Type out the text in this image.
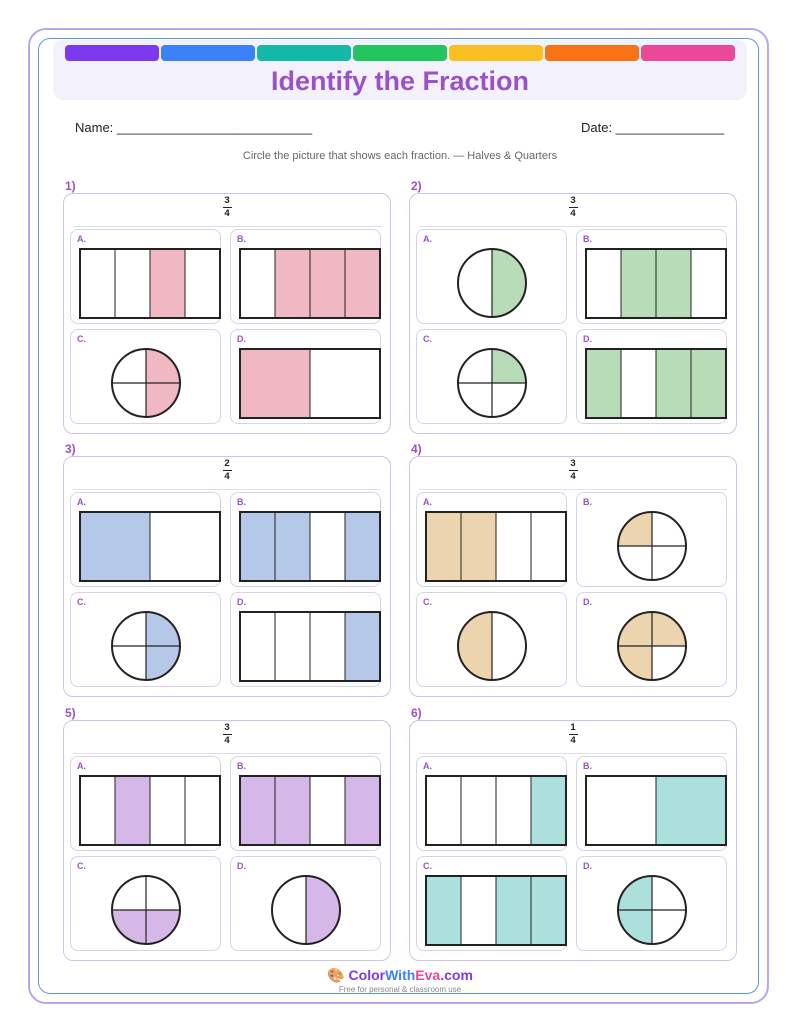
Identify the Fraction
Name: ___________________________	Date: _______________
Circle the picture that shows each fraction. — Halves & Quarters
1)
3
4
A.	B.
C.	D.
2)
3
4
A.	B.
C.	D.
3)
2
4
A.	B.
C.	D.
4)
3
4
A.	B.
C.	D.
5)
3
4
A.	B.
C.	D.
6)
1
4
A.	B.
C.	D.
🎨 ColorWithEva.com
Free for personal & classroom use
